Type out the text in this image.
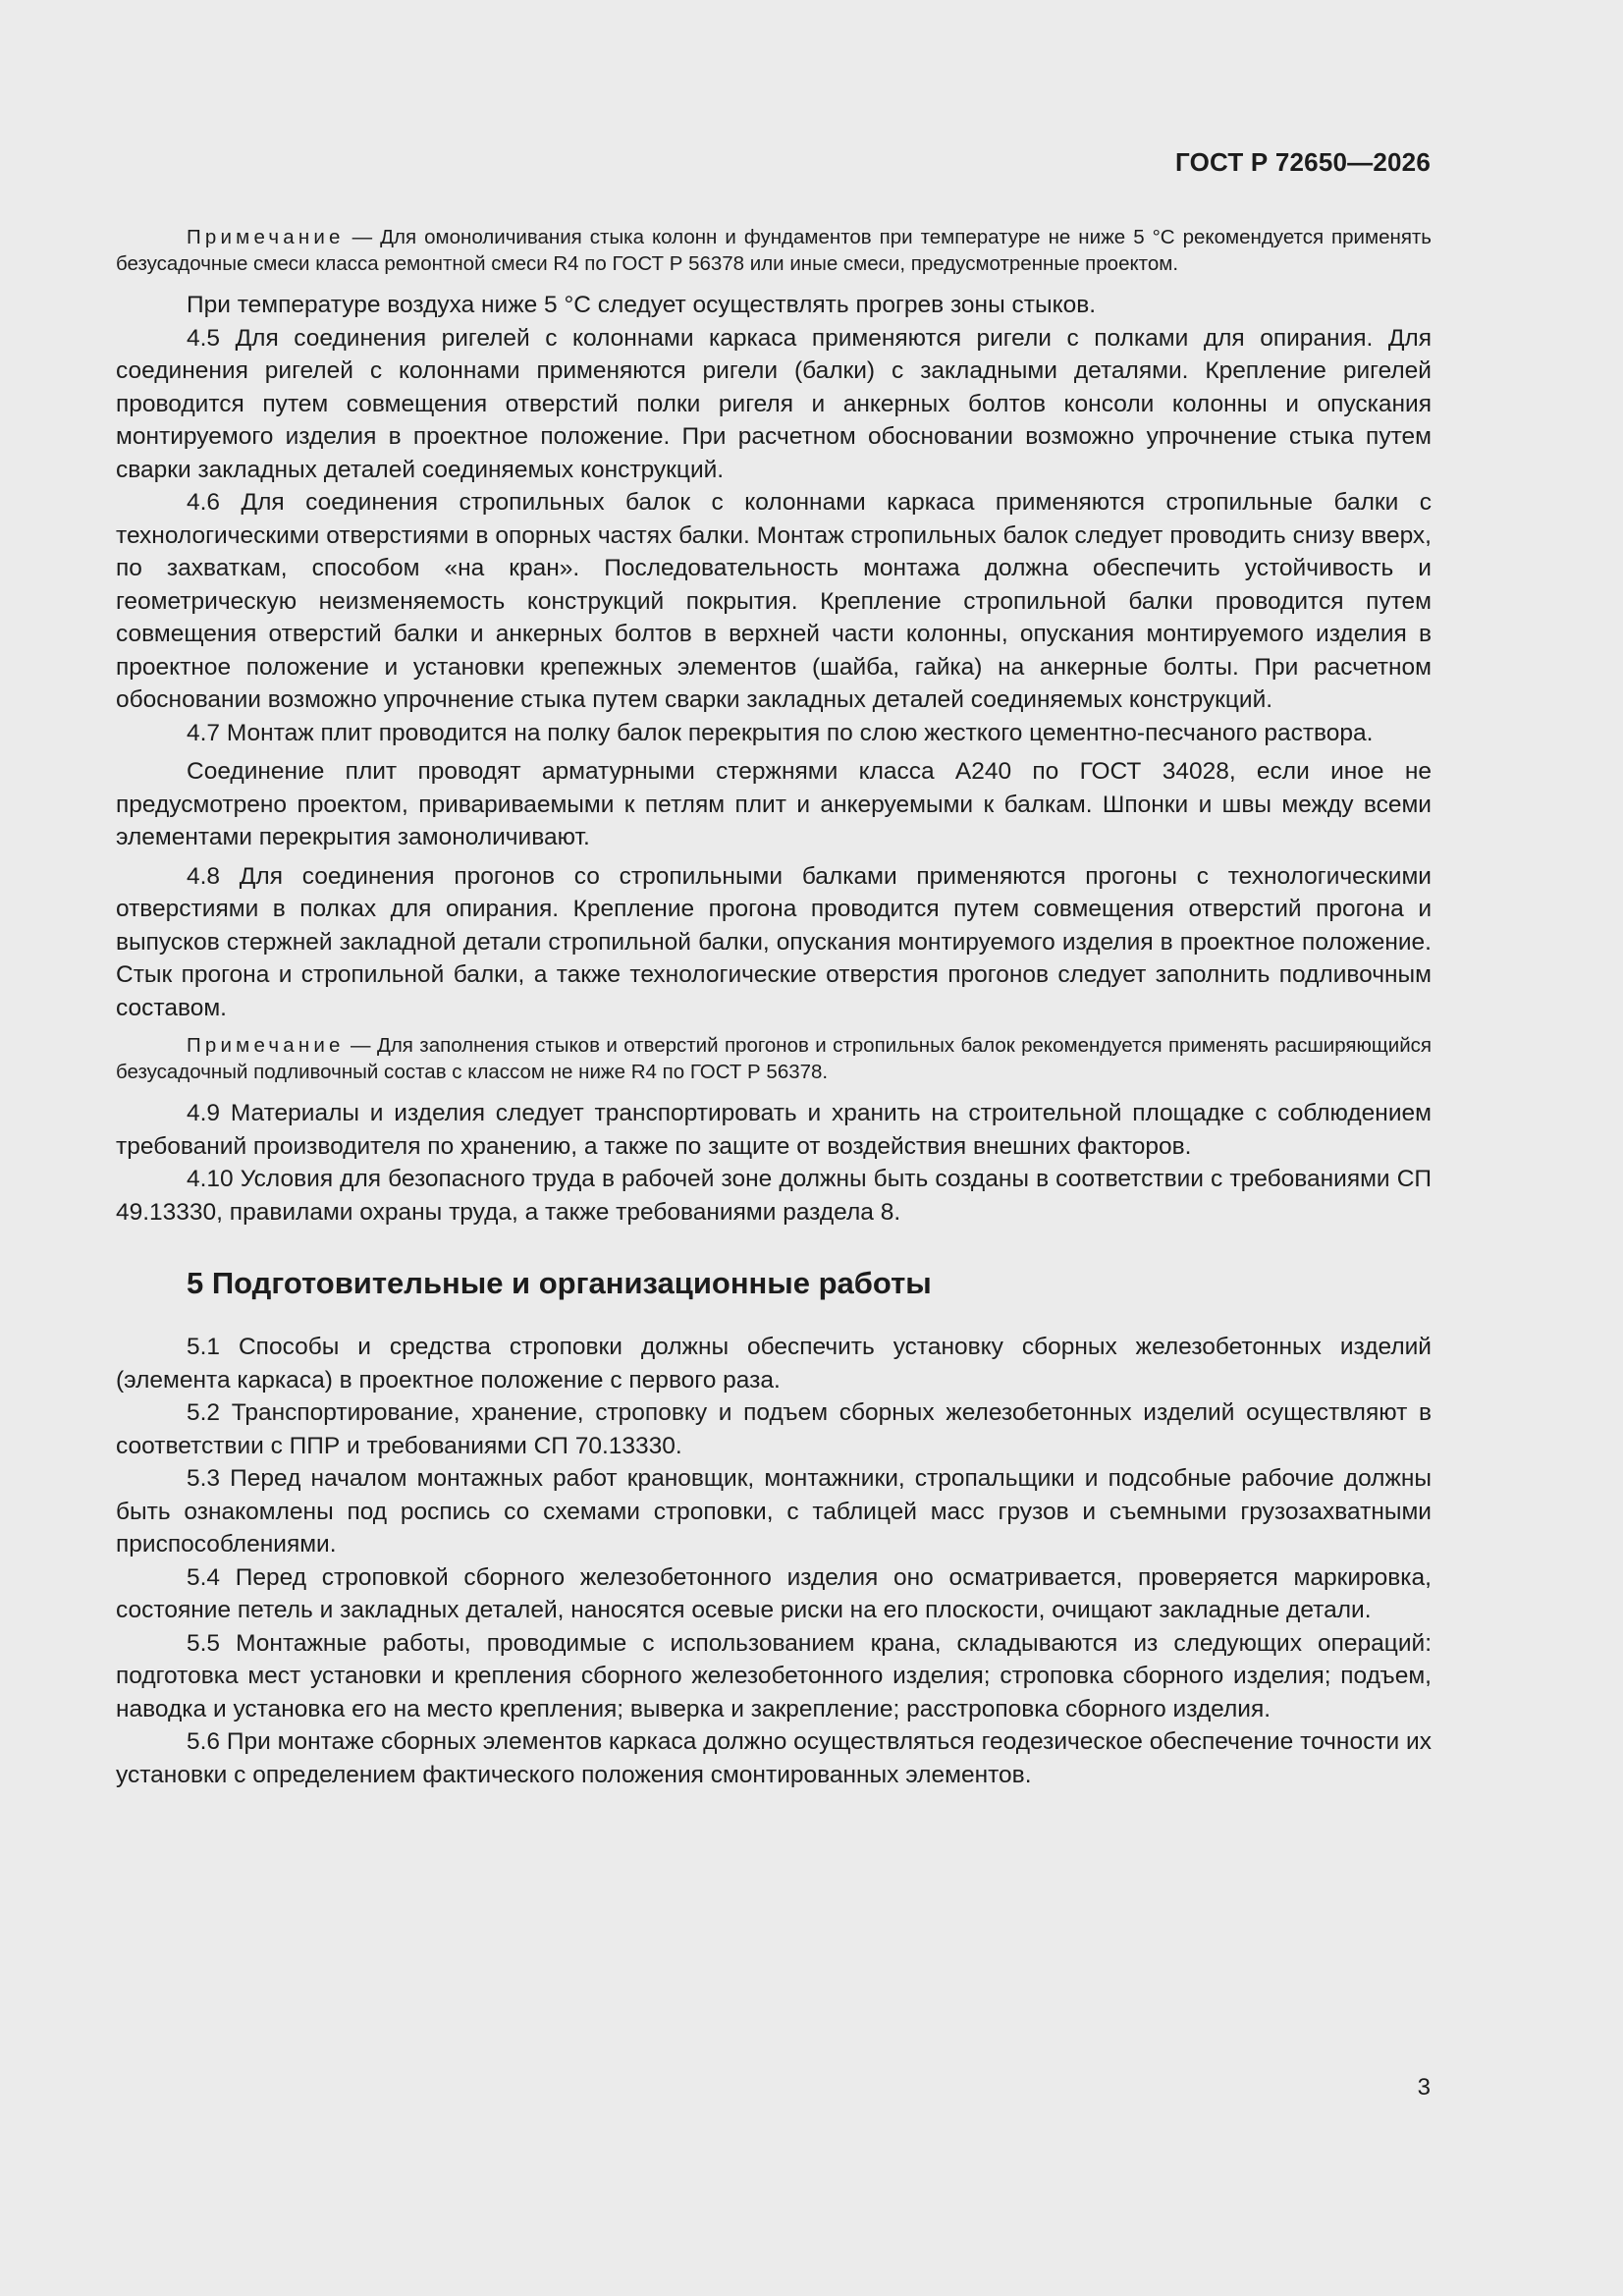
ГОСТ Р 72650—2026

Примечание — Для омоноличивания стыка колонн и фундаментов при температуре не ниже 5 °С рекомендуется применять безусадочные смеси класса ремонтной смеси R4 по ГОСТ Р 56378 или иные смеси, предусмотренные проектом.

При температуре воздуха ниже 5 °С следует осуществлять прогрев зоны стыков.

4.5 Для соединения ригелей с колоннами каркаса применяются ригели с полками для опирания. Для соединения ригелей с колоннами применяются ригели (балки) с закладными деталями. Крепление ригелей проводится путем совмещения отверстий полки ригеля и анкерных болтов консоли колонны и опускания монтируемого изделия в проектное положение. При расчетном обосновании возможно упрочнение стыка путем сварки закладных деталей соединяемых конструкций.

4.6 Для соединения стропильных балок с колоннами каркаса применяются стропильные балки с технологическими отверстиями в опорных частях балки. Монтаж стропильных балок следует проводить снизу вверх, по захваткам, способом «на кран». Последовательность монтажа должна обеспечить устойчивость и геометрическую неизменяемость конструкций покрытия. Крепление стропильной балки проводится путем совмещения отверстий балки и анкерных болтов в верхней части колонны, опускания монтируемого изделия в проектное положение и установки крепежных элементов (шайба, гайка) на анкерные болты. При расчетном обосновании возможно упрочнение стыка путем сварки закладных деталей соединяемых конструкций.

4.7 Монтаж плит проводится на полку балок перекрытия по слою жесткого цементно-песчаного раствора.

Соединение плит проводят арматурными стержнями класса А240 по ГОСТ 34028, если иное не предусмотрено проектом, привариваемыми к петлям плит и анкеруемыми к балкам. Шпонки и швы между всеми элементами перекрытия замоноличивают.

4.8 Для соединения прогонов со стропильными балками применяются прогоны с технологическими отверстиями в полках для опирания. Крепление прогона проводится путем совмещения отверстий прогона и выпусков стержней закладной детали стропильной балки, опускания монтируемого изделия в проектное положение. Стык прогона и стропильной балки, а также технологические отверстия прогонов следует заполнить подливочным составом.

Примечание — Для заполнения стыков и отверстий прогонов и стропильных балок рекомендуется применять расширяющийся безусадочный подливочный состав с классом не ниже R4 по ГОСТ Р 56378.

4.9 Материалы и изделия следует транспортировать и хранить на строительной площадке с соблюдением требований производителя по хранению, а также по защите от воздействия внешних факторов.

4.10 Условия для безопасного труда в рабочей зоне должны быть созданы в соответствии с требованиями СП 49.13330, правилами охраны труда, а также требованиями раздела 8.

5 Подготовительные и организационные работы

5.1 Способы и средства строповки должны обеспечить установку сборных железобетонных изделий (элемента каркаса) в проектное положение с первого раза.

5.2 Транспортирование, хранение, строповку и подъем сборных железобетонных изделий осуществляют в соответствии с ППР и требованиями СП 70.13330.

5.3 Перед началом монтажных работ крановщик, монтажники, стропальщики и подсобные рабочие должны быть ознакомлены под роспись со схемами строповки, с таблицей масс грузов и съемными грузозахватными приспособлениями.

5.4 Перед строповкой сборного железобетонного изделия оно осматривается, проверяется маркировка, состояние петель и закладных деталей, наносятся осевые риски на его плоскости, очищают закладные детали.

5.5 Монтажные работы, проводимые с использованием крана, складываются из следующих операций: подготовка мест установки и крепления сборного железобетонного изделия; строповка сборного изделия; подъем, наводка и установка его на место крепления; выверка и закрепление; расстроповка сборного изделия.

5.6 При монтаже сборных элементов каркаса должно осуществляться геодезическое обеспечение точности их установки с определением фактического положения смонтированных элементов.

3
